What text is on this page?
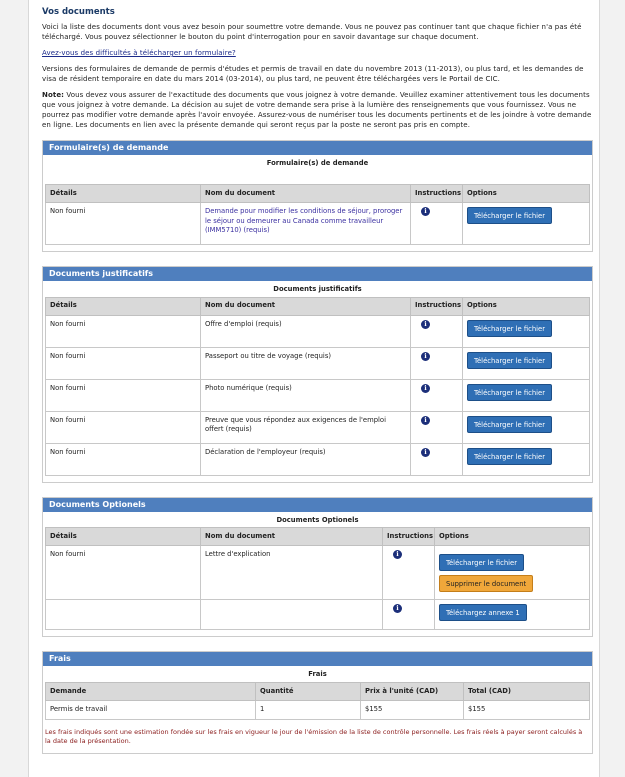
Vos documents

Voici la liste des documents dont vous avez besoin pour soumettre votre demande. Vous ne pouvez pas continuer tant que chaque fichier n'a pas été téléchargé. Vous pouvez sélectionner le bouton du point d'interrogation pour en savoir davantage sur chaque document.

Avez-vous des difficultés à télécharger un formulaire?

Versions des formulaires de demande de permis d'études et permis de travail en date du novembre 2013 (11-2013), ou plus tard, et les demandes de visa de résident temporaire en date du mars 2014 (03-2014), ou plus tard, ne peuvent être téléchargées vers le Portail de CIC.

Note: Vous devez vous assurer de l'exactitude des documents que vous joignez à votre demande. Veuillez examiner attentivement tous les documents que vous joignez à votre demande. La décision au sujet de votre demande sera prise à la lumière des renseignements que vous fournissez. Vous ne pourrez pas modifier votre demande après l'avoir envoyée. Assurez-vous de numériser tous les documents pertinents et de les joindre à votre demande en ligne. Les documents en lien avec la présente demande qui seront reçus par la poste ne seront pas pris en compte.

Formulaire(s) de demande
Formulaire(s) de demande
Détails	Nom du document	Instructions	Options
Non fourni	Demande pour modifier les conditions de séjour, proroger le séjour ou demeurer au Canada comme travailleur (IMM5710) (requis)	i	Télécharger le fichier
Documents justificatifs
Documents justificatifs
Détails	Nom du document	Instructions	Options
Non fourni	Offre d'emploi (requis)	i	Télécharger le fichier
Non fourni	Passeport ou titre de voyage (requis)	i	Télécharger le fichier
Non fourni	Photo numérique (requis)	i	Télécharger le fichier
Non fourni	Preuve que vous répondez aux exigences de l'emploi offert (requis)	i	Télécharger le fichier
Non fourni	Déclaration de l'employeur (requis)	i	Télécharger le fichier
Documents Optionels
Documents Optionels
Détails	Nom du document	Instructions	Options
Non fourni	Lettre d'explication	i	Télécharger le fichier
Supprimer le document
		i	Téléchargez annexe 1
Frais
Frais
Demande	Quantité	Prix à l'unité (CAD)	Total (CAD)
Permis de travail	1	$155	$155
Les frais indiqués sont une estimation fondée sur les frais en vigueur le jour de l'émission de la liste de contrôle personnelle. Les frais réels à payer seront calculés à la date de la présentation.
